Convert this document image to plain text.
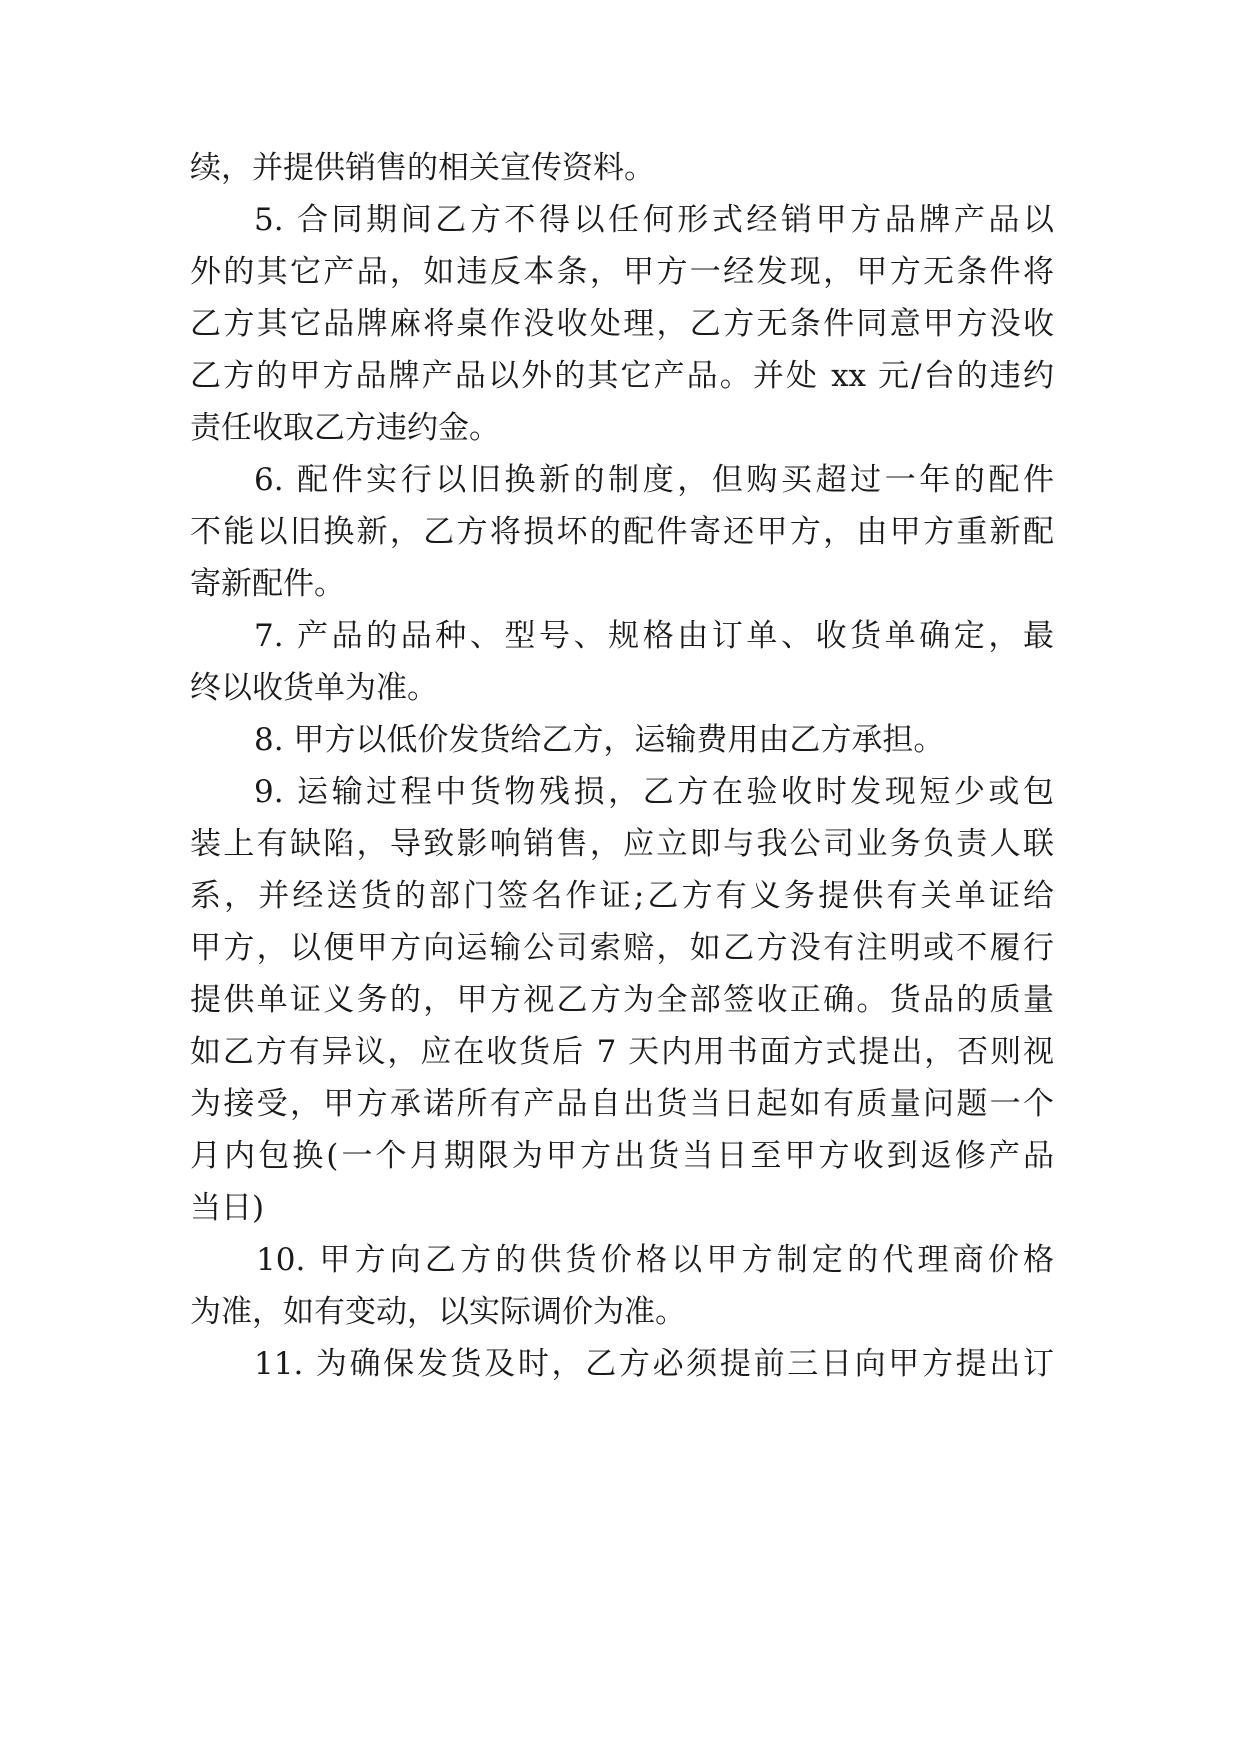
续，并提供销售的相关宣传资料。
5. 合同期间乙方不得以任何形式经销甲方品牌产品以
外的其它产品，如违反本条，甲方一经发现，甲方无条件将
乙方其它品牌麻将桌作没收处理，乙方无条件同意甲方没收
乙方的甲方品牌产品以外的其它产品。并处 xx 元/台的违约
责任收取乙方违约金。
6. 配件实行以旧换新的制度，但购买超过一年的配件
不能以旧换新，乙方将损坏的配件寄还甲方，由甲方重新配
寄新配件。
7. 产品的品种、型号、规格由订单、收货单确定，最
终以收货单为准。
8. 甲方以低价发货给乙方，运输费用由乙方承担。
9. 运输过程中货物残损，乙方在验收时发现短少或包
装上有缺陷，导致影响销售，应立即与我公司业务负责人联
系，并经送货的部门签名作证;乙方有义务提供有关单证给
甲方，以便甲方向运输公司索赔，如乙方没有注明或不履行
提供单证义务的，甲方视乙方为全部签收正确。货品的质量
如乙方有异议，应在收货后 7 天内用书面方式提出，否则视
为接受，甲方承诺所有产品自出货当日起如有质量问题一个
月内包换(一个月期限为甲方出货当日至甲方收到返修产品
当日)
10. 甲方向乙方的供货价格以甲方制定的代理商价格
为准，如有变动，以实际调价为准。
11. 为确保发货及时，乙方必须提前三日向甲方提出订
